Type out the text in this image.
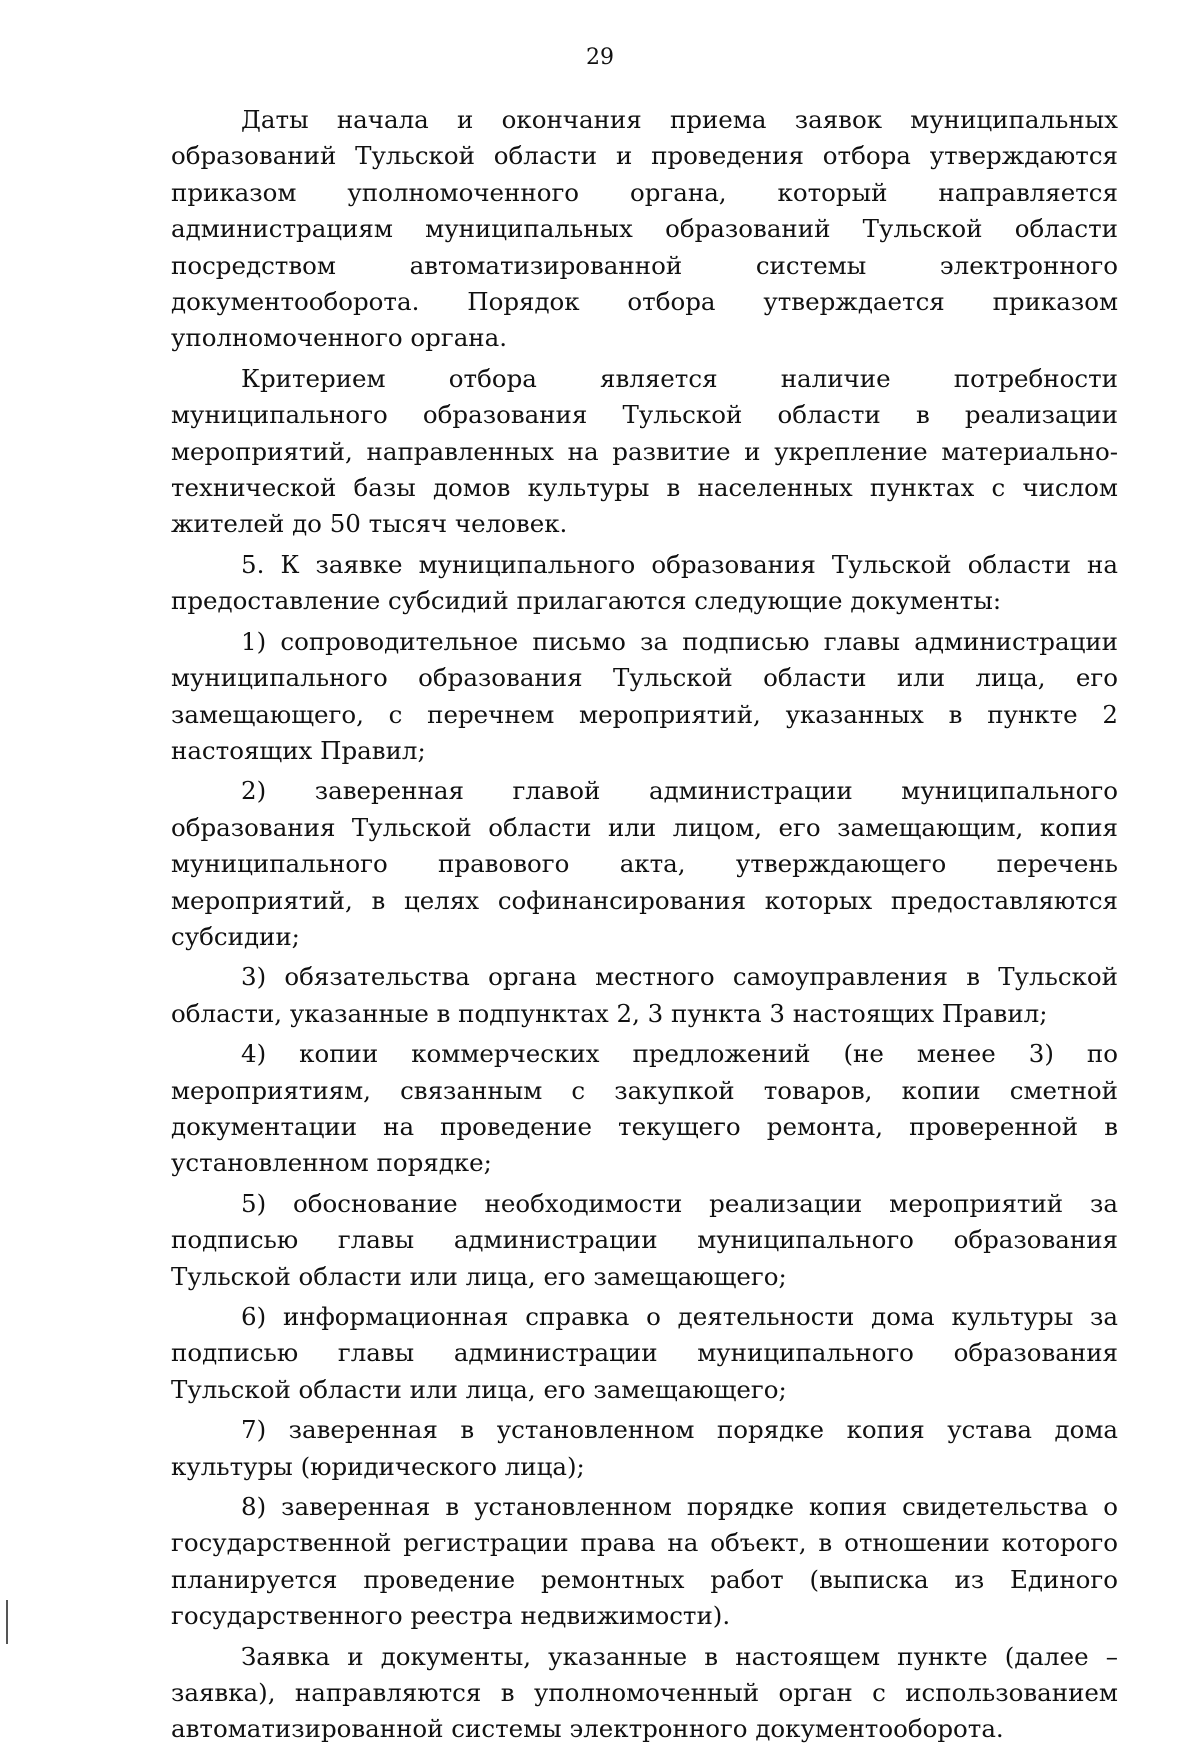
29

Даты начала и окончания приема заявок муниципальных образований Тульской области и проведения отбора утверждаются приказом уполномоченного органа, который направляется администрациям муниципальных образований Тульской области посредством автоматизированной системы электронного документооборота. Порядок отбора утверждается приказом уполномоченного органа.

Критерием отбора является наличие потребности муниципального образования Тульской области в реализации мероприятий, направленных на развитие и укрепление материально-технической базы домов культуры в населенных пунктах с числом жителей до 50 тысяч человек.

5. К заявке муниципального образования Тульской области на предоставление субсидий прилагаются следующие документы:

1) сопроводительное письмо за подписью главы администрации муниципального образования Тульской области или лица, его замещающего, с перечнем мероприятий, указанных в пункте 2 настоящих Правил;

2) заверенная главой администрации муниципального образования Тульской области или лицом, его замещающим, копия муниципального правового акта, утверждающего перечень мероприятий, в целях софинансирования которых предоставляются субсидии;

3) обязательства органа местного самоуправления в Тульской области, указанные в подпунктах 2, 3 пункта 3 настоящих Правил;

4) копии коммерческих предложений (не менее 3) по мероприятиям, связанным с закупкой товаров, копии сметной документации на проведение текущего ремонта, проверенной в установленном порядке;

5) обоснование необходимости реализации мероприятий за подписью главы администрации муниципального образования Тульской области или лица, его замещающего;

6) информационная справка о деятельности дома культуры за подписью главы администрации муниципального образования Тульской области или лица, его замещающего;

7) заверенная в установленном порядке копия устава дома культуры (юридического лица);

8) заверенная в установленном порядке копия свидетельства о государственной регистрации права на объект, в отношении которого планируется проведение ремонтных работ (выписка из Единого государственного реестра недвижимости).

Заявка и документы, указанные в настоящем пункте (далее – заявка), направляются в уполномоченный орган с использованием автоматизированной системы электронного документооборота.
